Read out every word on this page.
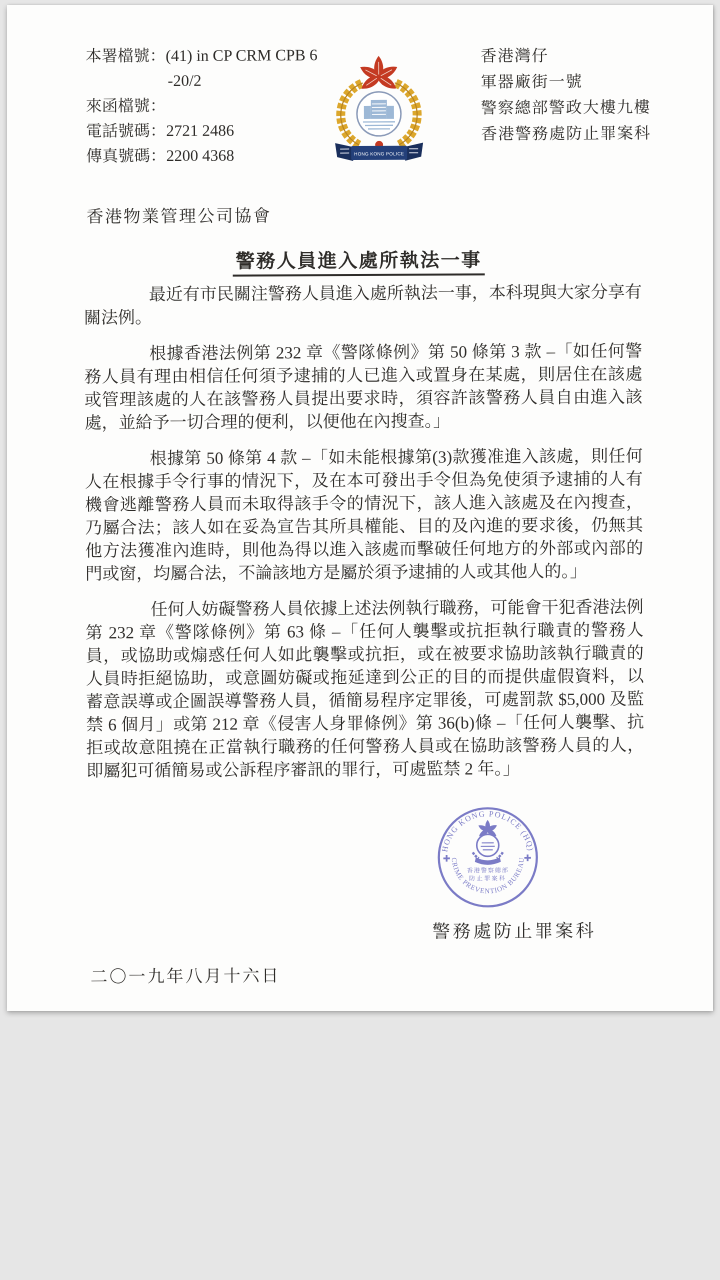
本署檔號：(41) in CP CRM CPB 6
-20/2
來函檔號：
電話號碼：2721 2486
傳真號碼：2200 4368	HONG KONG POLICE
香港灣仔
軍器廠街一號
警察總部警政大樓九樓
香港警務處防止罪案科
香港物業管理公司協會
警務人員進入處所執法一事

最近有市民關注警務人員進入處所執法一事，本科現與大家分享有關法例。

根據香港法例第 232 章《警隊條例》第 50 條第 3 款 –「如任何警務人員有理由相信任何須予逮捕的人已進入或置身在某處，則居住在該處或管理該處的人在該警務人員提出要求時，須容許該警務人員自由進入該處，並給予一切合理的便利，以便他在內搜查。」

根據第 50 條第 4 款 –「如未能根據第(3)款獲准進入該處，則任何人在根據手令行事的情況下，及在本可發出手令但為免使須予逮捕的人有機會逃離警務人員而未取得該手令的情況下，該人進入該處及在內搜查，乃屬合法；該人如在妥為宣告其所具權能、目的及內進的要求後，仍無其他方法獲准內進時，則他為得以進入該處而擊破任何地方的外部或內部的門或窗，均屬合法，不論該地方是屬於須予逮捕的人或其他人的。」

任何人妨礙警務人員依據上述法例執行職務，可能會干犯香港法例第 232 章《警隊條例》第 63 條 –「任何人襲擊或抗拒執行職責的警務人員，或協助或煽惑任何人如此襲擊或抗拒，或在被要求協助該執行職責的人員時拒絕協助，或意圖妨礙或拖延達到公正的目的而提供虛假資料，以蓄意誤導或企圖誤導警務人員，循簡易程序定罪後，可處罰款 $5,000 及監禁 6 個月」或第 212 章《侵害人身罪條例》第 36(b)條 –「任何人襲擊、抗拒或故意阻撓在正當執行職務的任何警務人員或在協助該警務人員的人，即屬犯可循簡易或公訴程序審訊的罪行，可處監禁 2 年。」

HONG KONG POLICE (HQ)
CRIME PREVENTION BUREAU
✚	✚
香港警察總部
防止罪案科
警務處防止罪案科
二〇一九年八月十六日
